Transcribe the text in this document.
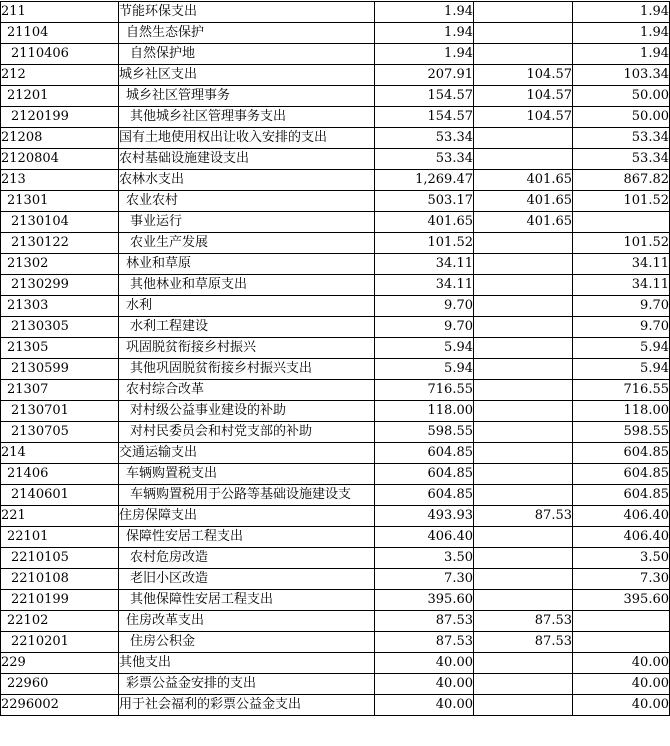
211	节能环保支出	1.94		1.94
21104	自然生态保护	1.94		1.94
2110406	自然保护地	1.94		1.94
212	城乡社区支出	207.91	104.57	103.34
21201	城乡社区管理事务	154.57	104.57	50.00
2120199	其他城乡社区管理事务支出	154.57	104.57	50.00
21208	国有土地使用权出让收入安排的支出	53.34		53.34
2120804	农村基础设施建设支出	53.34		53.34
213	农林水支出	1,269.47	401.65	867.82
21301	农业农村	503.17	401.65	101.52
2130104	事业运行	401.65	401.65	
2130122	农业生产发展	101.52		101.52
21302	林业和草原	34.11		34.11
2130299	其他林业和草原支出	34.11		34.11
21303	水利	9.70		9.70
2130305	水利工程建设	9.70		9.70
21305	巩固脱贫衔接乡村振兴	5.94		5.94
2130599	其他巩固脱贫衔接乡村振兴支出	5.94		5.94
21307	农村综合改革	716.55		716.55
2130701	对村级公益事业建设的补助	118.00		118.00
2130705	对村民委员会和村党支部的补助	598.55		598.55
214	交通运输支出	604.85		604.85
21406	车辆购置税支出	604.85		604.85
2140601	车辆购置税用于公路等基础设施建设支	604.85		604.85
221	住房保障支出	493.93	87.53	406.40
22101	保障性安居工程支出	406.40		406.40
2210105	农村危房改造	3.50		3.50
2210108	老旧小区改造	7.30		7.30
2210199	其他保障性安居工程支出	395.60		395.60
22102	住房改革支出	87.53	87.53	
2210201	住房公积金	87.53	87.53	
229	其他支出	40.00		40.00
22960	彩票公益金安排的支出	40.00		40.00
2296002	用于社会福利的彩票公益金支出	40.00		40.00
